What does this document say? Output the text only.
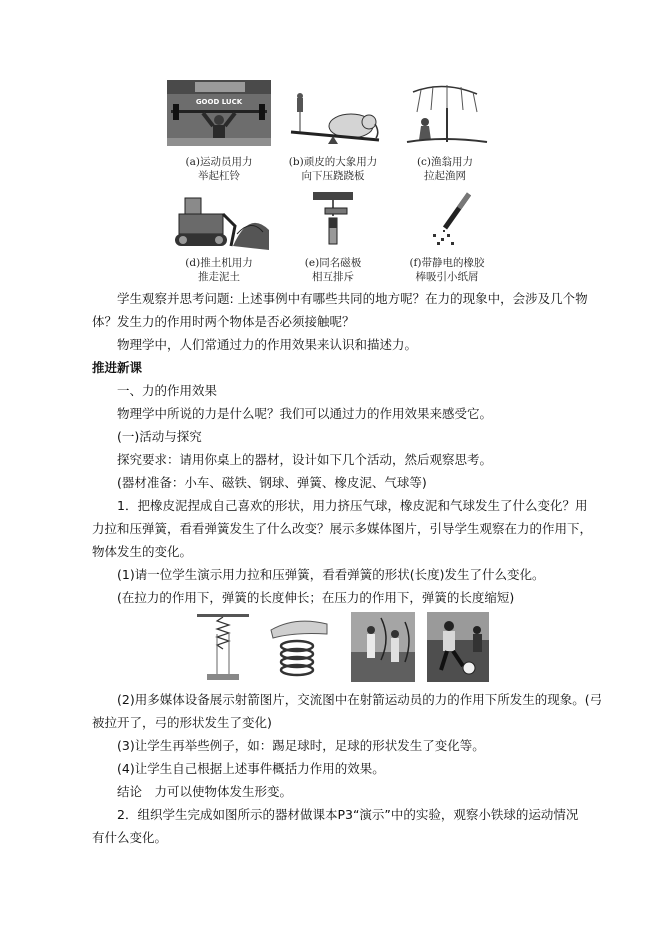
GOOD LUCK
(a)运动员用力
举起杠铃
(b)顽皮的大象用力
向下压跷跷板
(c)渔翁用力
拉起渔网
(d)推土机用力
推走泥土
(e)同名磁极
相互排斥
(f)带静电的橡胶
棒吸引小纸屑
学生观察并思考问题: 上述事例中有哪些共同的地方呢？在力的现象中，会涉及几个物
体？发生力的作用时两个物体是否必须接触呢？
物理学中，人们常通过力的作用效果来认识和描述力。
推进新课
一、力的作用效果
物理学中所说的力是什么呢？我们可以通过力的作用效果来感受它。
(一)活动与探究
探究要求：请用你桌上的器材，设计如下几个活动，然后观察思考。
(器材准备：小车、磁铁、钢球、弹簧、橡皮泥、气球等)
1．把橡皮泥捏成自己喜欢的形状，用力挤压气球，橡皮泥和气球发生了什么变化？用
力拉和压弹簧，看看弹簧发生了什么改变？展示多媒体图片，引导学生观察在力的作用下，
物体发生的变化。
(1)请一位学生演示用力拉和压弹簧，看看弹簧的形状(长度)发生了什么变化。
(在拉力的作用下，弹簧的长度伸长；在压力的作用下，弹簧的长度缩短)
(2)用多媒体设备展示射箭图片，交流图中在射箭运动员的力的作用下所发生的现象。(弓
被拉开了，弓的形状发生了变化)
(3)让学生再举些例子，如：踢足球时，足球的形状发生了变化等。
(4)让学生自己根据上述事件概括力作用的效果。
结论　力可以使物体发生形变。
2．组织学生完成如图所示的器材做课本P3“演示”中的实验，观察小铁球的运动情况
有什么变化。
